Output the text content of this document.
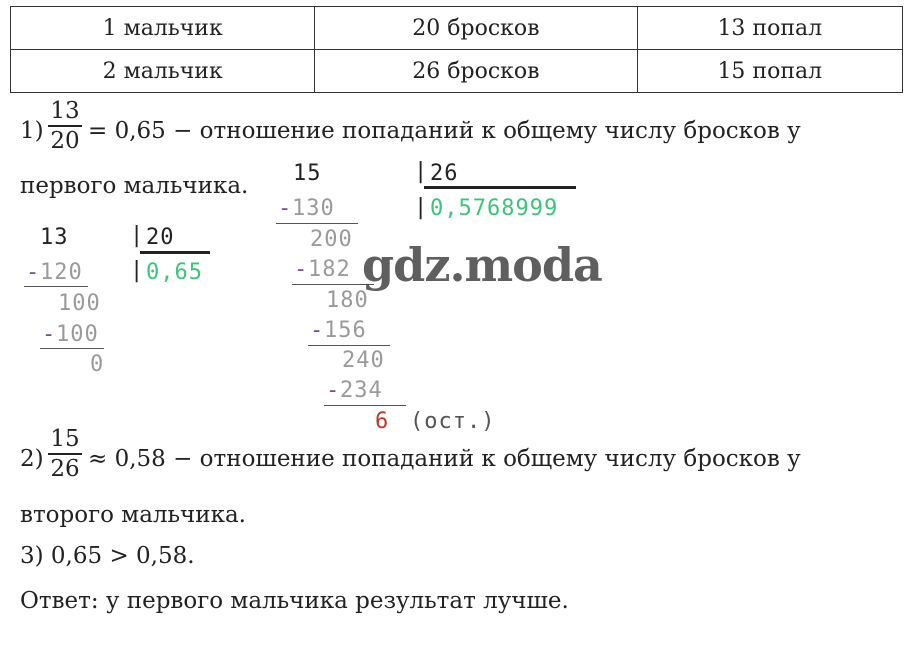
1 мальчик	20 бросков	13 попал
2 мальчик	26 бросков	15 попал
1)
13
20 = 0,65 − отношение попаданий к общему числу бросков у
первого мальчика.
13	| 20
| 0,65
- 120
100
- 100
0
15	| 26
| 0,5768999
- 130
200
- 182
180
- 156
240
- 234
6 (ост.)
gdz.moda
2)
15
26 ≈ 0,58 − отношение попаданий к общему числу бросков у
второго мальчика.
3) 0,65 > 0,58.
Ответ: у первого мальчика результат лучше.
